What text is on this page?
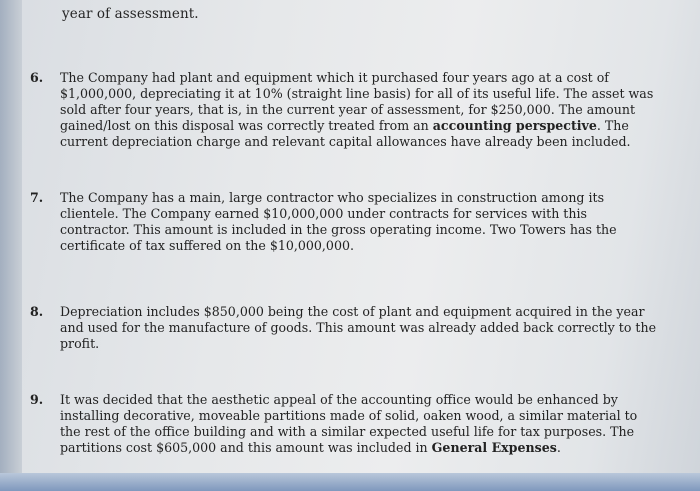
year of assessment.
6.	The Company had plant and equipment which it purchased four years ago at a cost of
$1,000,000, depreciating it at 10% (straight line basis) for all of its useful life. The asset was
sold after four years, that is, in the current year of assessment, for $250,000. The amount
gained/lost on this disposal was correctly treated from an accounting perspective. The
current depreciation charge and relevant capital allowances have already been included.
7.	The Company has a main, large contractor who specializes in construction among its
clientele. The Company earned $10,000,000 under contracts for services with this
contractor. This amount is included in the gross operating income. Two Towers has the
certificate of tax suffered on the $10,000,000.
8.	Depreciation includes $850,000 being the cost of plant and equipment acquired in the year
and used for the manufacture of goods. This amount was already added back correctly to the
profit.
9.	It was decided that the aesthetic appeal of the accounting office would be enhanced by
installing decorative, moveable partitions made of solid, oaken wood, a similar material to
the rest of the office building and with a similar expected useful life for tax purposes. The
partitions cost $605,000 and this amount was included in General Expenses.
